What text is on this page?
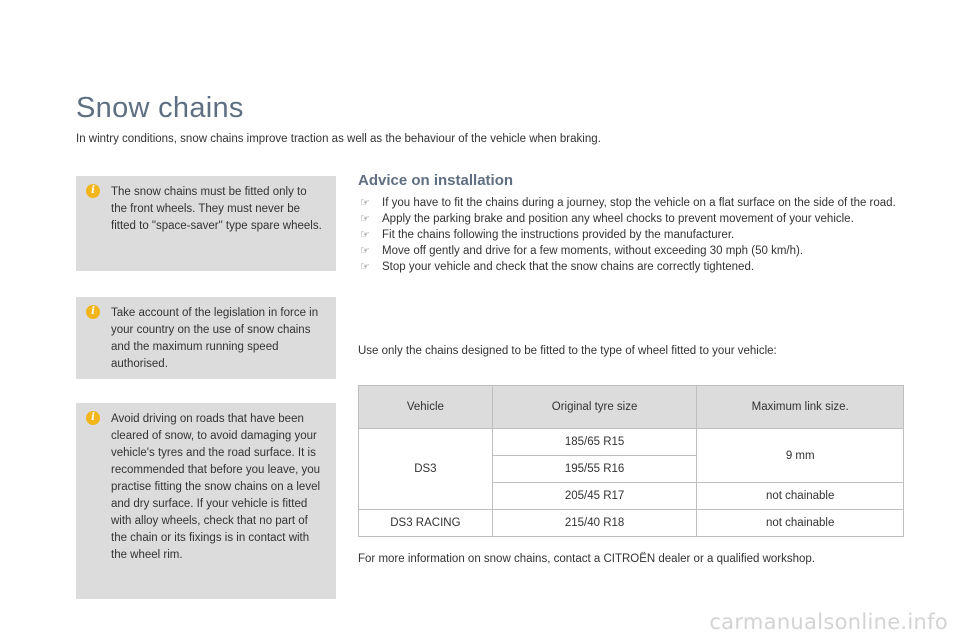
Snow chains

In wintry conditions, snow chains improve traction as well as the behaviour of the vehicle when braking.

i	The snow chains must be fitted only to the front wheels. They must never be fitted to "space-saver" type spare wheels.

i	Take account of the legislation in force in your country on the use of snow chains and the maximum running speed authorised.

i	Avoid driving on roads that have been cleared of snow, to avoid damaging your vehicle's tyres and the road surface. It is recommended that before you leave, you practise fitting the snow chains on a level and dry surface. If your vehicle is fitted with alloy wheels, check that no part of the chain or its fixings is in contact with the wheel rim.

Advice on installation
☞ If you have to fit the chains during a journey, stop the vehicle on a flat surface on the side of the road.
☞ Apply the parking brake and position any wheel chocks to prevent movement of your vehicle.
☞ Fit the chains following the instructions provided by the manufacturer.
☞ Move off gently and drive for a few moments, without exceeding 30 mph (50 km/h).
☞ Stop your vehicle and check that the snow chains are correctly tightened.

Use only the chains designed to be fitted to the type of wheel fitted to your vehicle:

Vehicle	Original tyre size	Maximum link size.
DS3	185/65 R15	9 mm
	195/55 R16	
	205/45 R17	not chainable
DS3 RACING	215/40 R18	not chainable

For more information on snow chains, contact a CITROËN dealer or a qualified workshop.

carmanualsonline.info
